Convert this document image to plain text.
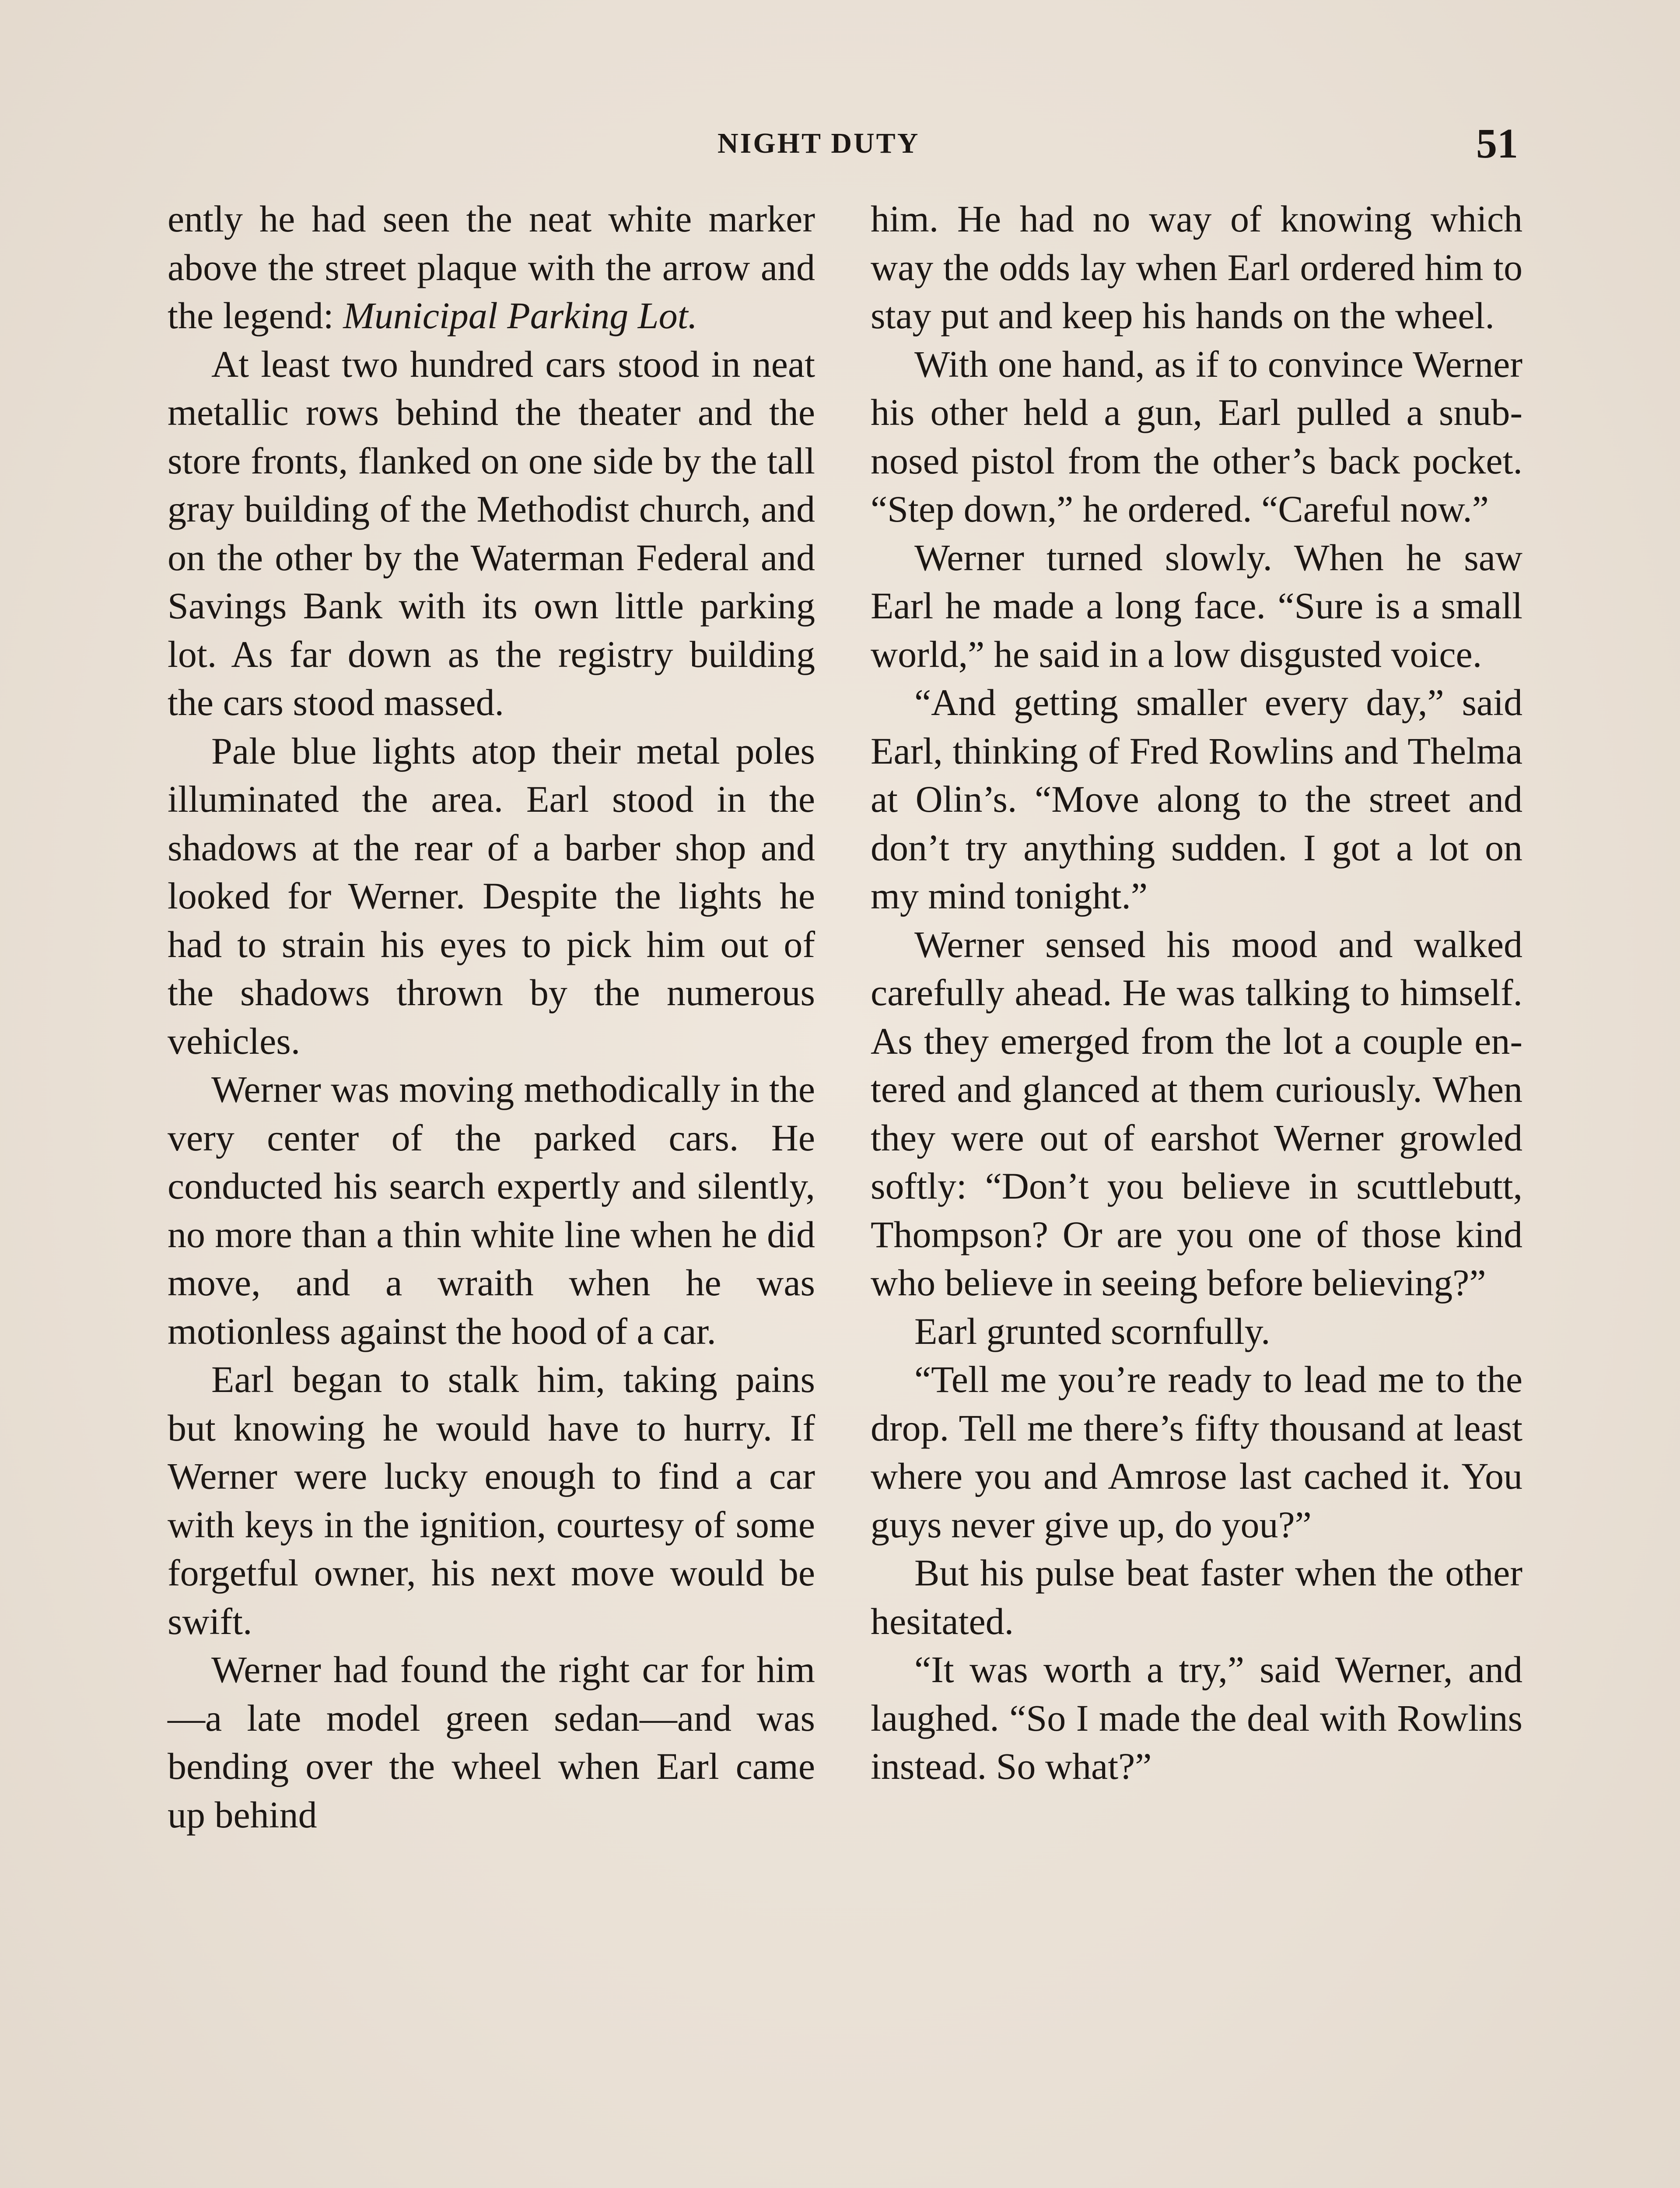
NIGHT DUTY	51

ently he had seen the neat white marker above the street plaque with the arrow and the legend: Municipal Parking Lot.

At least two hundred cars stood in neat metallic rows behind the theater and the store fronts, flanked on one side by the tall gray building of the Methodist church, and on the other by the Waterman Federal and Savings Bank with its own little parking lot. As far down as the registry building the cars stood massed.

Pale blue lights atop their metal poles illuminated the area. Earl stood in the shadows at the rear of a barber shop and looked for Werner. Despite the lights he had to strain his eyes to pick him out of the shadows thrown by the numerous vehicles.

Werner was moving methodically in the very center of the parked cars. He conducted his search expertly and silently, no more than a thin white line when he did move, and a wraith when he was motionless against the hood of a car.

Earl began to stalk him, taking pains but knowing he would have to hurry. If Werner were lucky enough to find a car with keys in the ignition, courtesy of some forgetful owner, his next move would be swift.

Werner had found the right car for him—a late model green sedan—and was bending over the wheel when Earl came up behind

him. He had no way of knowing which way the odds lay when Earl ordered him to stay put and keep his hands on the wheel.

With one hand, as if to convince Werner his other held a gun, Earl pulled a snub-nosed pistol from the other’s back pocket. “Step down,” he ordered. “Careful now.”

Werner turned slowly. When he saw Earl he made a long face. “Sure is a small world,” he said in a low disgusted voice.

“And getting smaller every day,” said Earl, thinking of Fred Rowlins and Thelma at Olin’s. “Move along to the street and don’t try anything sudden. I got a lot on my mind tonight.”

Werner sensed his mood and walked carefully ahead. He was talking to himself. As they emerged from the lot a couple entered and glanced at them curiously. When they were out of earshot Werner growled softly: “Don’t you believe in scuttlebutt, Thompson? Or are you one of those kind who believe in seeing before believing?”

Earl grunted scornfully.

“Tell me you’re ready to lead me to the drop. Tell me there’s fifty thousand at least where you and Amrose last cached it. You guys never give up, do you?”

But his pulse beat faster when the other hesitated.

“It was worth a try,” said Werner, and laughed. “So I made the deal with Rowlins instead. So what?”
